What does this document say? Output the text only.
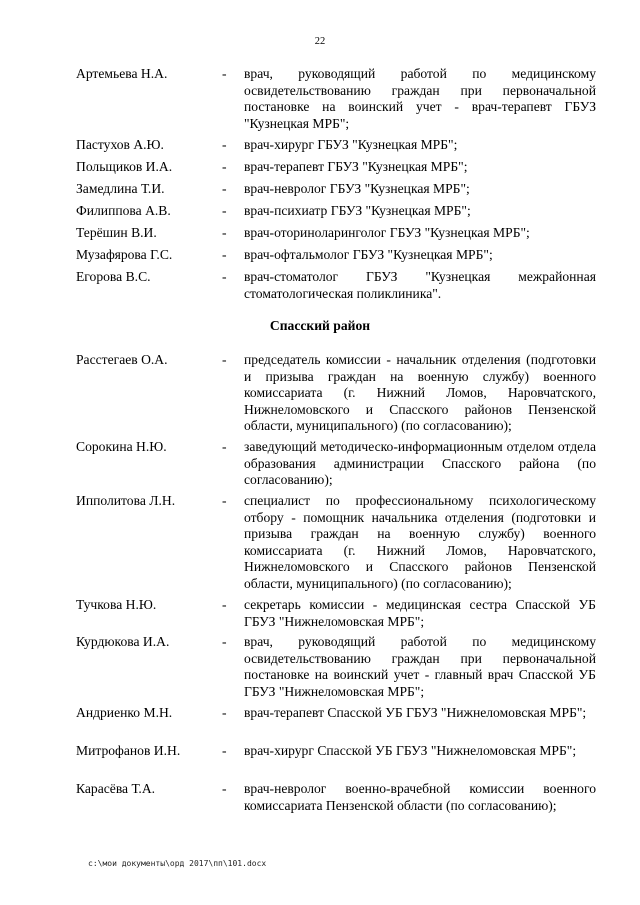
22
Артемьева Н.А.	- врач, руководящий работой по медицинскому освидетельствованию граждан при первоначальной постановке на воинский учет - врач-терапевт ГБУЗ "Кузнецкая МРБ";
Пастухов А.Ю.	- врач-хирург ГБУЗ "Кузнецкая МРБ";
Польщиков И.А.	- врач-терапевт ГБУЗ "Кузнецкая МРБ";
Замедлина Т.И.	- врач-невролог ГБУЗ "Кузнецкая МРБ";
Филиппова А.В.	- врач-психиатр ГБУЗ "Кузнецкая МРБ";
Терёшин В.И.	- врач-оториноларинголог ГБУЗ "Кузнецкая МРБ";
Музафярова Г.С.	- врач-офтальмолог ГБУЗ "Кузнецкая МРБ";
Егорова В.С.	- врач-стоматолог ГБУЗ "Кузнецкая межрайонная стоматологическая поликлиника".
Спасский район
Расстегаев О.А.	- председатель комиссии - начальник отделения (подготовки и призыва граждан на военную службу) военного комиссариата (г. Нижний Ломов, Наровчатского, Нижнеломовского и Спасского районов Пензенской области, муниципального) (по согласованию);
Сорокина Н.Ю.	- заведующий методическо-информационным отделом отдела образования администрации Спасского района (по согласованию);
Ипполитова Л.Н.	- специалист по профессиональному психологическому отбору - помощник начальника отделения (подготовки и призыва граждан на военную службу) военного комиссариата (г. Нижний Ломов, Наровчатского, Нижнеломовского и Спасского районов Пензенской области, муниципального) (по согласованию);
Тучкова Н.Ю.	- секретарь комиссии - медицинская сестра Спасской УБ ГБУЗ "Нижнеломовская МРБ";
Курдюкова И.А.	- врач, руководящий работой по медицинскому освидетельствованию граждан при первоначальной постановке на воинский учет - главный врач Спасской УБ ГБУЗ "Нижнеломовская МРБ";
Андриенко М.Н.	- врач-терапевт Спасской УБ ГБУЗ "Нижнеломовская МРБ";
Митрофанов И.Н.	- врач-хирург Спасской УБ ГБУЗ "Нижнеломовская МРБ";
Карасёва Т.А.	- врач-невролог военно-врачебной комиссии военного комиссариата Пензенской области (по согласованию);
c:\мои документы\орд 2017\пп\101.docx
